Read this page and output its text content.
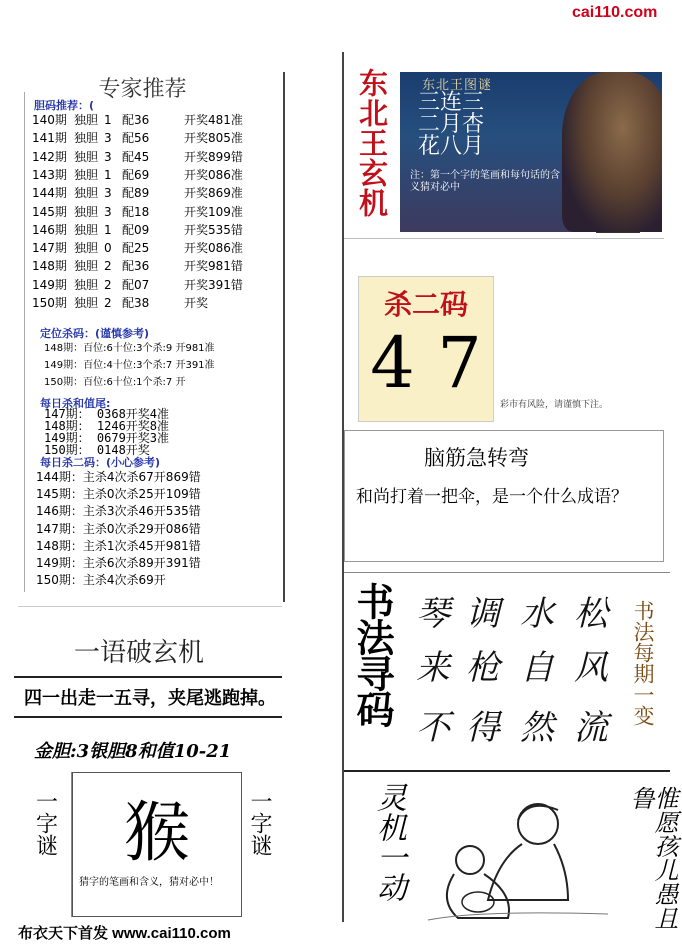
cai110.com
专家推荐
胆码推荐：(
140期 独胆 1 配36	开奖481准
141期 独胆 3 配56	开奖805准
142期 独胆 3 配45	开奖899错
143期 独胆 1 配69	开奖086准
144期 独胆 3 配89	开奖869准
145期 独胆 3 配18	开奖109准
146期 独胆 1 配09	开奖535错
147期 独胆 0 配25	开奖086准
148期 独胆 2 配36	开奖981错
149期 独胆 2 配07	开奖391错
150期 独胆 2 配38	开奖
定位杀码：(谨慎参考)
148期：百位:6十位:3个杀:9 开981准
149期：百位:4十位:3个杀:7 开391准
150期：百位:6十位:1个杀:7 开
每日杀和值尾:
147期： 0368开奖4准
148期： 1246开奖8准
149期： 0679开奖3准
150期： 0148开奖
每日杀二码：(小心参考)
144期：主杀4次杀67开869错
145期：主杀0次杀25开109错
146期：主杀3次杀46开535错
147期：主杀0次杀29开086错
148期：主杀1次杀45开981错
149期：主杀6次杀89开391错
150期：主杀4次杀69开
一语破玄机
四一出走一五寻，夹尾逃跑掉。
金胆:3银胆8和值10-21
一字谜	猴
猜字的笔画和含义，猜对必中！
一字谜
布衣天下首发 www.cai110.com
东北王玄机	东北王图谜
三连三
二月杏
花八月
注：第一个字的笔画和每句话的含义猜对必中
杀二码
4 7
彩市有风险，请谨慎下注。
脑筋急转弯
和尚打着一把伞，是一个什么成语？
书法寻码	书法每期一变
琴 调 水 松
来 枪 自 风
不 得 然 流
灵机一动	惟愿孩儿愚且鲁
